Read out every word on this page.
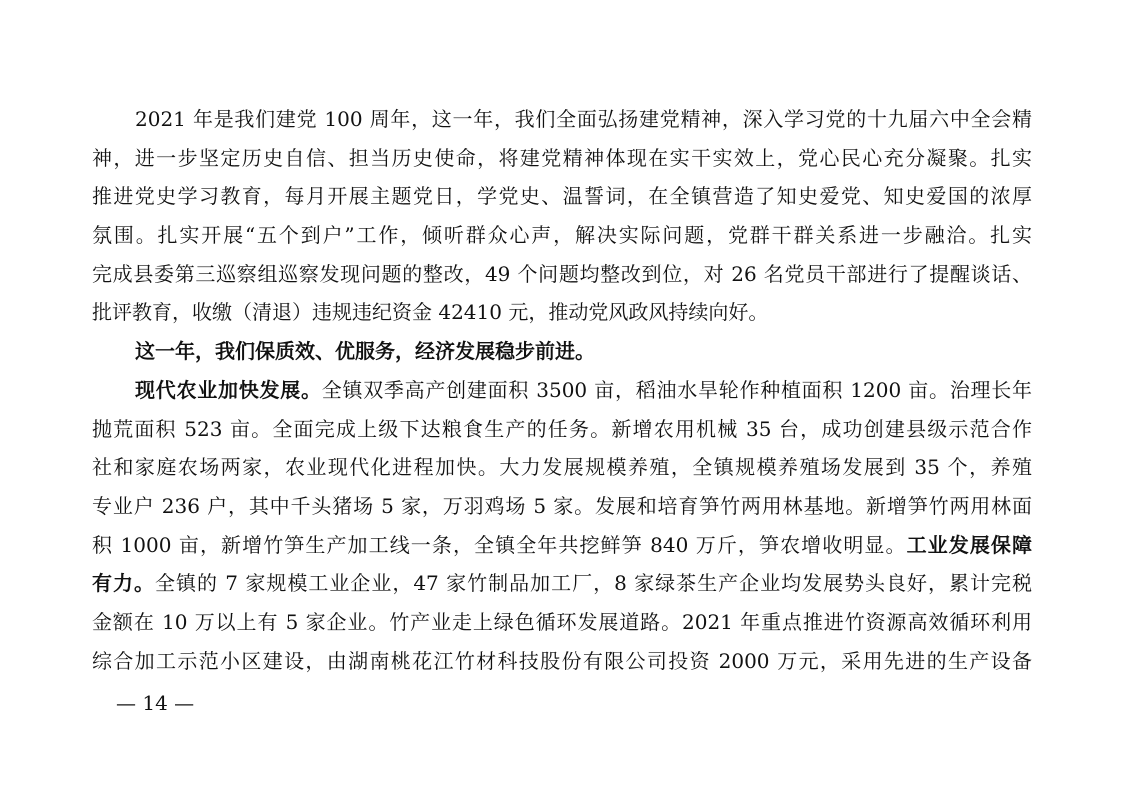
2021 年是我们建党 100 周年，这一年，我们全面弘扬建党精神，深入学习党的十九届六中全会精
神，进一步坚定历史自信、担当历史使命，将建党精神体现在实干实效上，党心民心充分凝聚。扎实
推进党史学习教育，每月开展主题党日，学党史、温誓词，在全镇营造了知史爱党、知史爱国的浓厚
氛围。扎实开展“五个到户”工作，倾听群众心声，解决实际问题，党群干群关系进一步融洽。扎实
完成县委第三巡察组巡察发现问题的整改，49 个问题均整改到位，对 26 名党员干部进行了提醒谈话、
批评教育，收缴（清退）违规违纪资金 42410 元，推动党风政风持续向好。
这一年，我们保质效、优服务，经济发展稳步前进。
现代农业加快发展。全镇双季高产创建面积 3500 亩，稻油水旱轮作种植面积 1200 亩。治理长年
抛荒面积 523 亩。全面完成上级下达粮食生产的任务。新增农用机械 35 台，成功创建县级示范合作
社和家庭农场两家，农业现代化进程加快。大力发展规模养殖，全镇规模养殖场发展到 35 个，养殖
专业户 236 户，其中千头猪场 5 家，万羽鸡场 5 家。发展和培育笋竹两用林基地。新增笋竹两用林面
积 1000 亩，新增竹笋生产加工线一条，全镇全年共挖鲜笋 840 万斤，笋农增收明显。工业发展保障
有力。全镇的 7 家规模工业企业，47 家竹制品加工厂，8 家绿茶生产企业均发展势头良好，累计完税
金额在 10 万以上有 5 家企业。竹产业走上绿色循环发展道路。2021 年重点推进竹资源高效循环利用
综合加工示范小区建设，由湖南桃花江竹材科技股份有限公司投资 2000 万元，采用先进的生产设备
— 14 —
